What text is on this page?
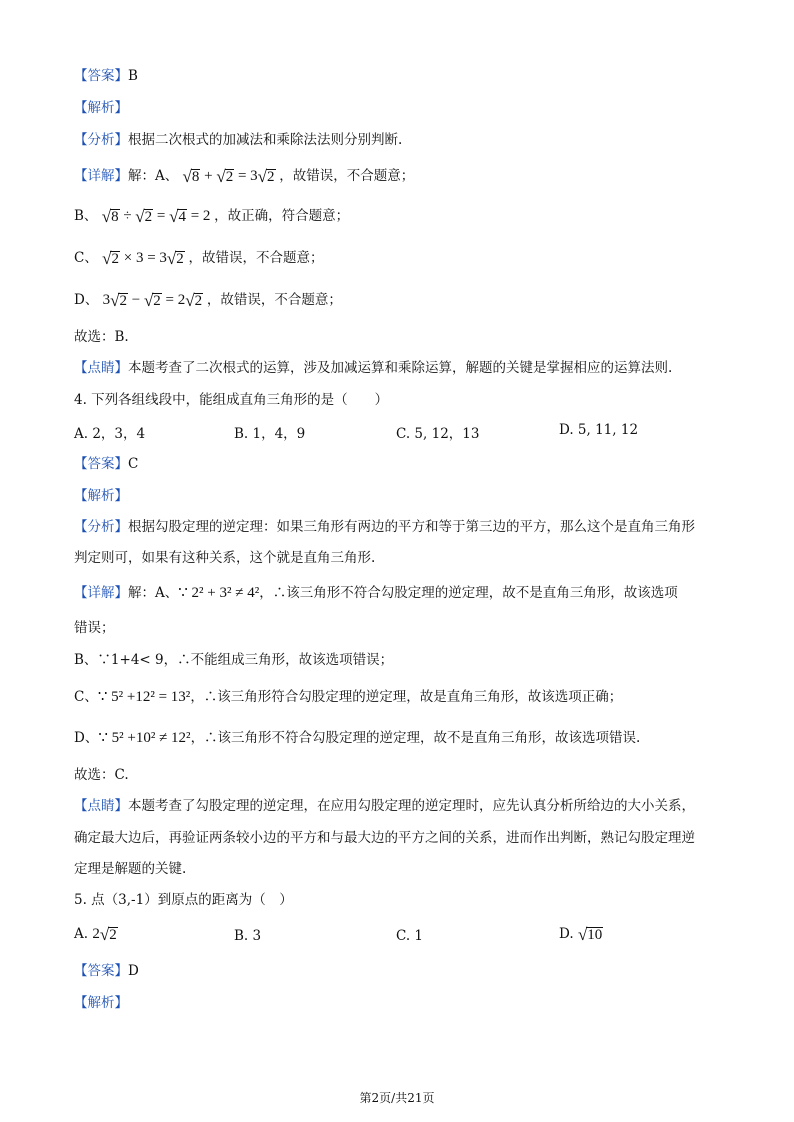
【答案】B
【解析】
【分析】根据二次根式的加减法和乘除法法则分别判断.
【详解】解：A、 √ 8 + √ 2 = 3 √ 2 ，故错误，不合题意；
B、 √ 8 ÷ √ 2 = √ 4 = 2 ，故正确，符合题意；
C、 √ 2 × 3 = 3 √ 2 ，故错误，不合题意；
D、 3 √ 2 − √ 2 = 2 √ 2 ，故错误，不合题意；
故选：B.
【点睛】本题考查了二次根式的运算，涉及加减运算和乘除运算，解题的关键是掌握相应的运算法则.
4. 下列各组线段中，能组成直角三角形的是（　　）
A. 2，3，4	B. 1，4，9	C. 5, 12，13	D. 5, 11, 12
【答案】C
【解析】
【分析】根据勾股定理的逆定理：如果三角形有两边的平方和等于第三边的平方，那么这个是直角三角形
判定则可，如果有这种关系，这个就是直角三角形.
【详解】解：A、∵ 2² + 3² ≠ 4²，∴该三角形不符合勾股定理的逆定理，故不是直角三角形，故该选项
错误；
B、∵1+4< 9，∴不能组成三角形，故该选项错误；
C、∵ 5² +12² = 13²，∴该三角形符合勾股定理的逆定理，故是直角三角形，故该选项正确；
D、∵ 5² +10² ≠ 12²，∴该三角形不符合勾股定理的逆定理，故不是直角三角形，故该选项错误.
故选：C.
【点睛】本题考查了勾股定理的逆定理，在应用勾股定理的逆定理时，应先认真分析所给边的大小关系，
确定最大边后，再验证两条较小边的平方和与最大边的平方之间的关系，进而作出判断，熟记勾股定理逆
定理是解题的关键.
5. 点（3,-1）到原点的距离为（　）
A. 2 √ 2	B. 3	C. 1	D. √ 10
【答案】D
【解析】
第2页/共21页
